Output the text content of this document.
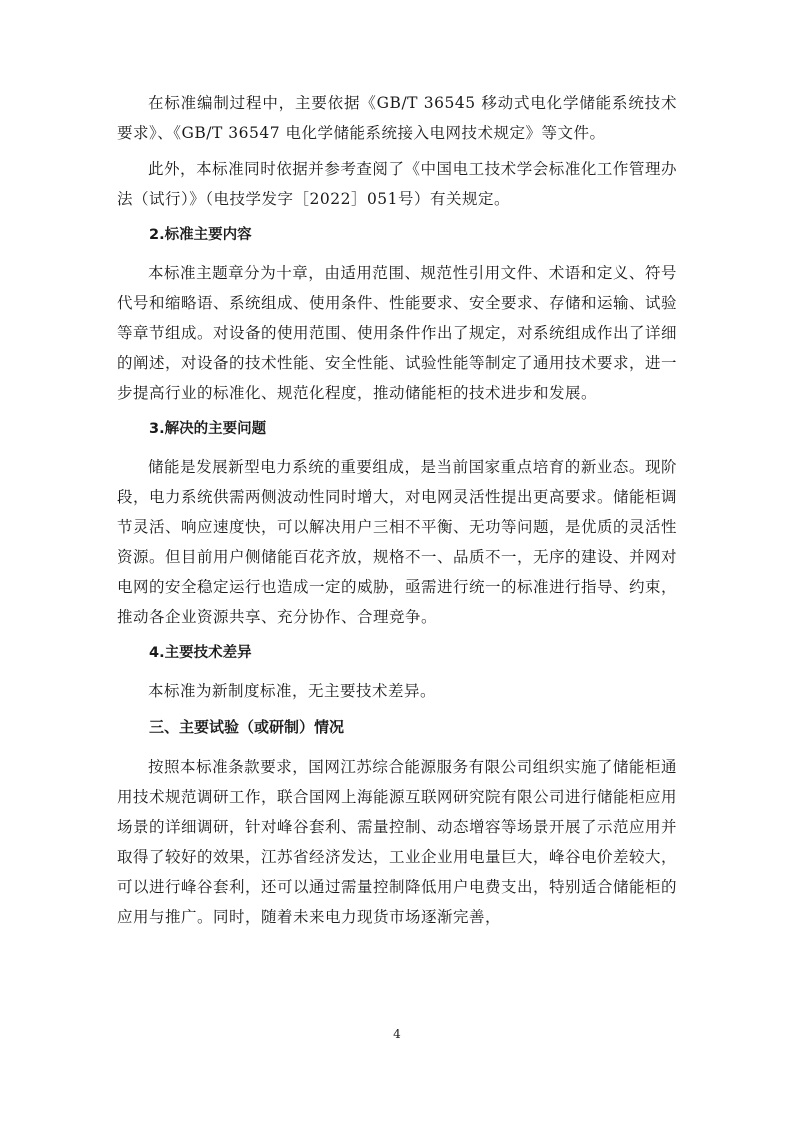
在标准编制过程中，主要依据《GB/T 36545 移动式电化学储能系统技术要求》、《GB/T 36547 电化学储能系统接入电网技术规定》等文件。

此外，本标准同时依据并参考查阅了《中国电工技术学会标准化工作管理办法（试行）》（电技学发字［2022］051号）有关规定。

2.标准主要内容

本标准主题章分为十章，由适用范围、规范性引用文件、术语和定义、符号代号和缩略语、系统组成、使用条件、性能要求、安全要求、存储和运输、试验等章节组成。对设备的使用范围、使用条件作出了规定，对系统组成作出了详细的阐述，对设备的技术性能、安全性能、试验性能等制定了通用技术要求，进一步提高行业的标准化、规范化程度，推动储能柜的技术进步和发展。

3.解决的主要问题

储能是发展新型电力系统的重要组成，是当前国家重点培育的新业态。现阶段，电力系统供需两侧波动性同时增大，对电网灵活性提出更高要求。储能柜调节灵活、响应速度快，可以解决用户三相不平衡、无功等问题，是优质的灵活性资源。但目前用户侧储能百花齐放，规格不一、品质不一，无序的建设、并网对电网的安全稳定运行也造成一定的威胁，亟需进行统一的标准进行指导、约束，推动各企业资源共享、充分协作、合理竞争。

4.主要技术差异

本标准为新制度标准，无主要技术差异。

三、主要试验（或研制）情况

按照本标准条款要求，国网江苏综合能源服务有限公司组织实施了储能柜通用技术规范调研工作，联合国网上海能源互联网研究院有限公司进行储能柜应用场景的详细调研，针对峰谷套利、需量控制、动态增容等场景开展了示范应用并取得了较好的效果，江苏省经济发达，工业企业用电量巨大，峰谷电价差较大，可以进行峰谷套利，还可以通过需量控制降低用户电费支出，特别适合储能柜的应用与推广。同时，随着未来电力现货市场逐渐完善，

4
